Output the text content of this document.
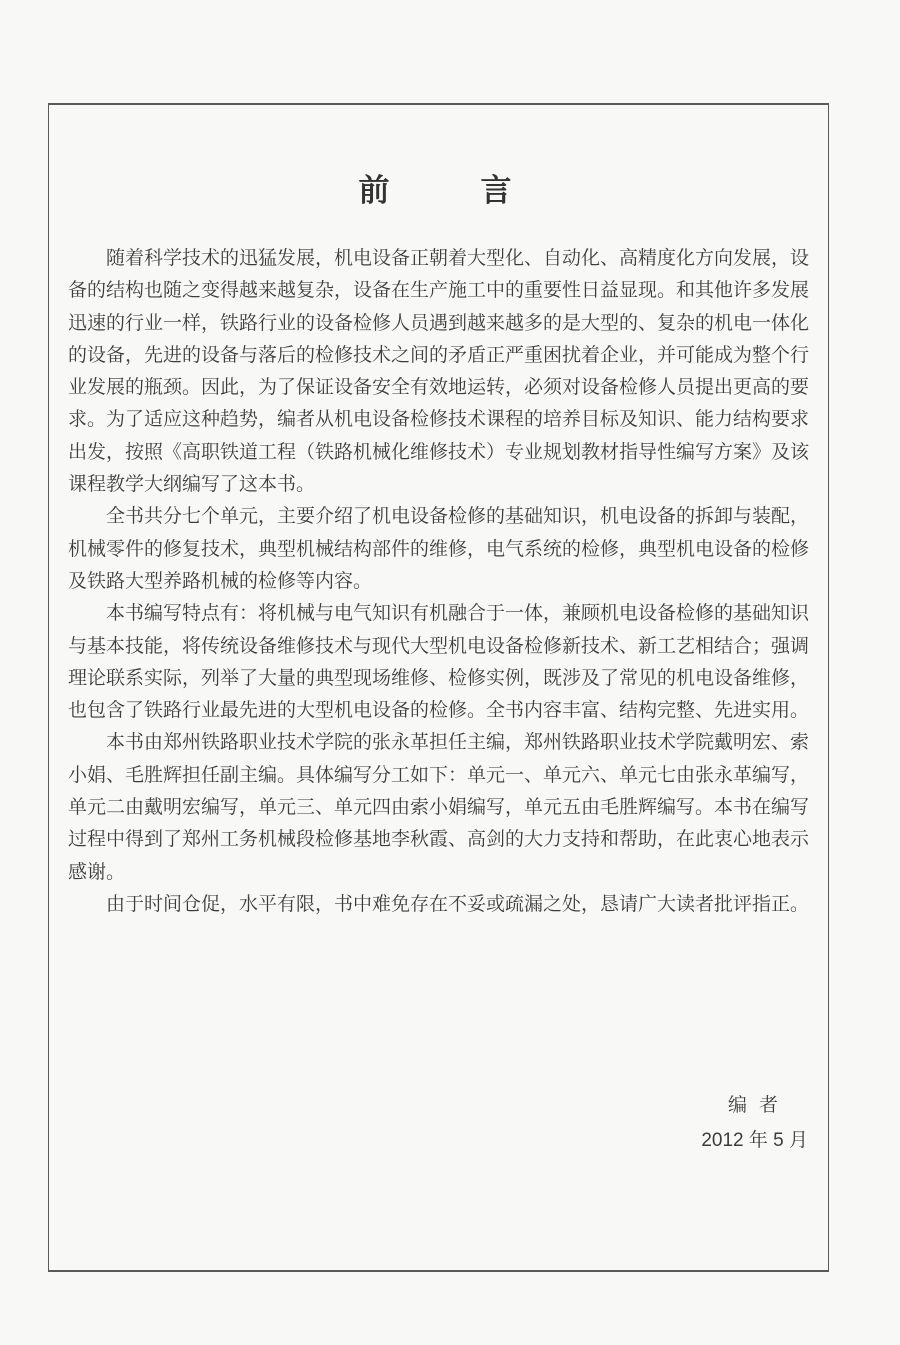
前　言

随着科学技术的迅猛发展，机电设备正朝着大型化、自动化、高精度化方向发展，设备的结构也随之变得越来越复杂，设备在生产施工中的重要性日益显现。和其他许多发展迅速的行业一样，铁路行业的设备检修人员遇到越来越多的是大型的、复杂的机电一体化的设备，先进的设备与落后的检修技术之间的矛盾正严重困扰着企业，并可能成为整个行业发展的瓶颈。因此，为了保证设备安全有效地运转，必须对设备检修人员提出更高的要求。为了适应这种趋势，编者从机电设备检修技术课程的培养目标及知识、能力结构要求出发，按照《高职铁道工程（铁路机械化维修技术）专业规划教材指导性编写方案》及该课程教学大纲编写了这本书。

全书共分七个单元，主要介绍了机电设备检修的基础知识，机电设备的拆卸与装配，机械零件的修复技术，典型机械结构部件的维修，电气系统的检修，典型机电设备的检修及铁路大型养路机械的检修等内容。

本书编写特点有：将机械与电气知识有机融合于一体，兼顾机电设备检修的基础知识与基本技能，将传统设备维修技术与现代大型机电设备检修新技术、新工艺相结合；强调理论联系实际，列举了大量的典型现场维修、检修实例，既涉及了常见的机电设备维修，也包含了铁路行业最先进的大型机电设备的检修。全书内容丰富、结构完整、先进实用。

本书由郑州铁路职业技术学院的张永革担任主编，郑州铁路职业技术学院戴明宏、索小娟、毛胜辉担任副主编。具体编写分工如下：单元一、单元六、单元七由张永革编写，单元二由戴明宏编写，单元三、单元四由索小娟编写，单元五由毛胜辉编写。本书在编写过程中得到了郑州工务机械段检修基地李秋霞、高剑的大力支持和帮助，在此衷心地表示感谢。

由于时间仓促，水平有限，书中难免存在不妥或疏漏之处，恳请广大读者批评指正。

编者
2012 年 5 月
